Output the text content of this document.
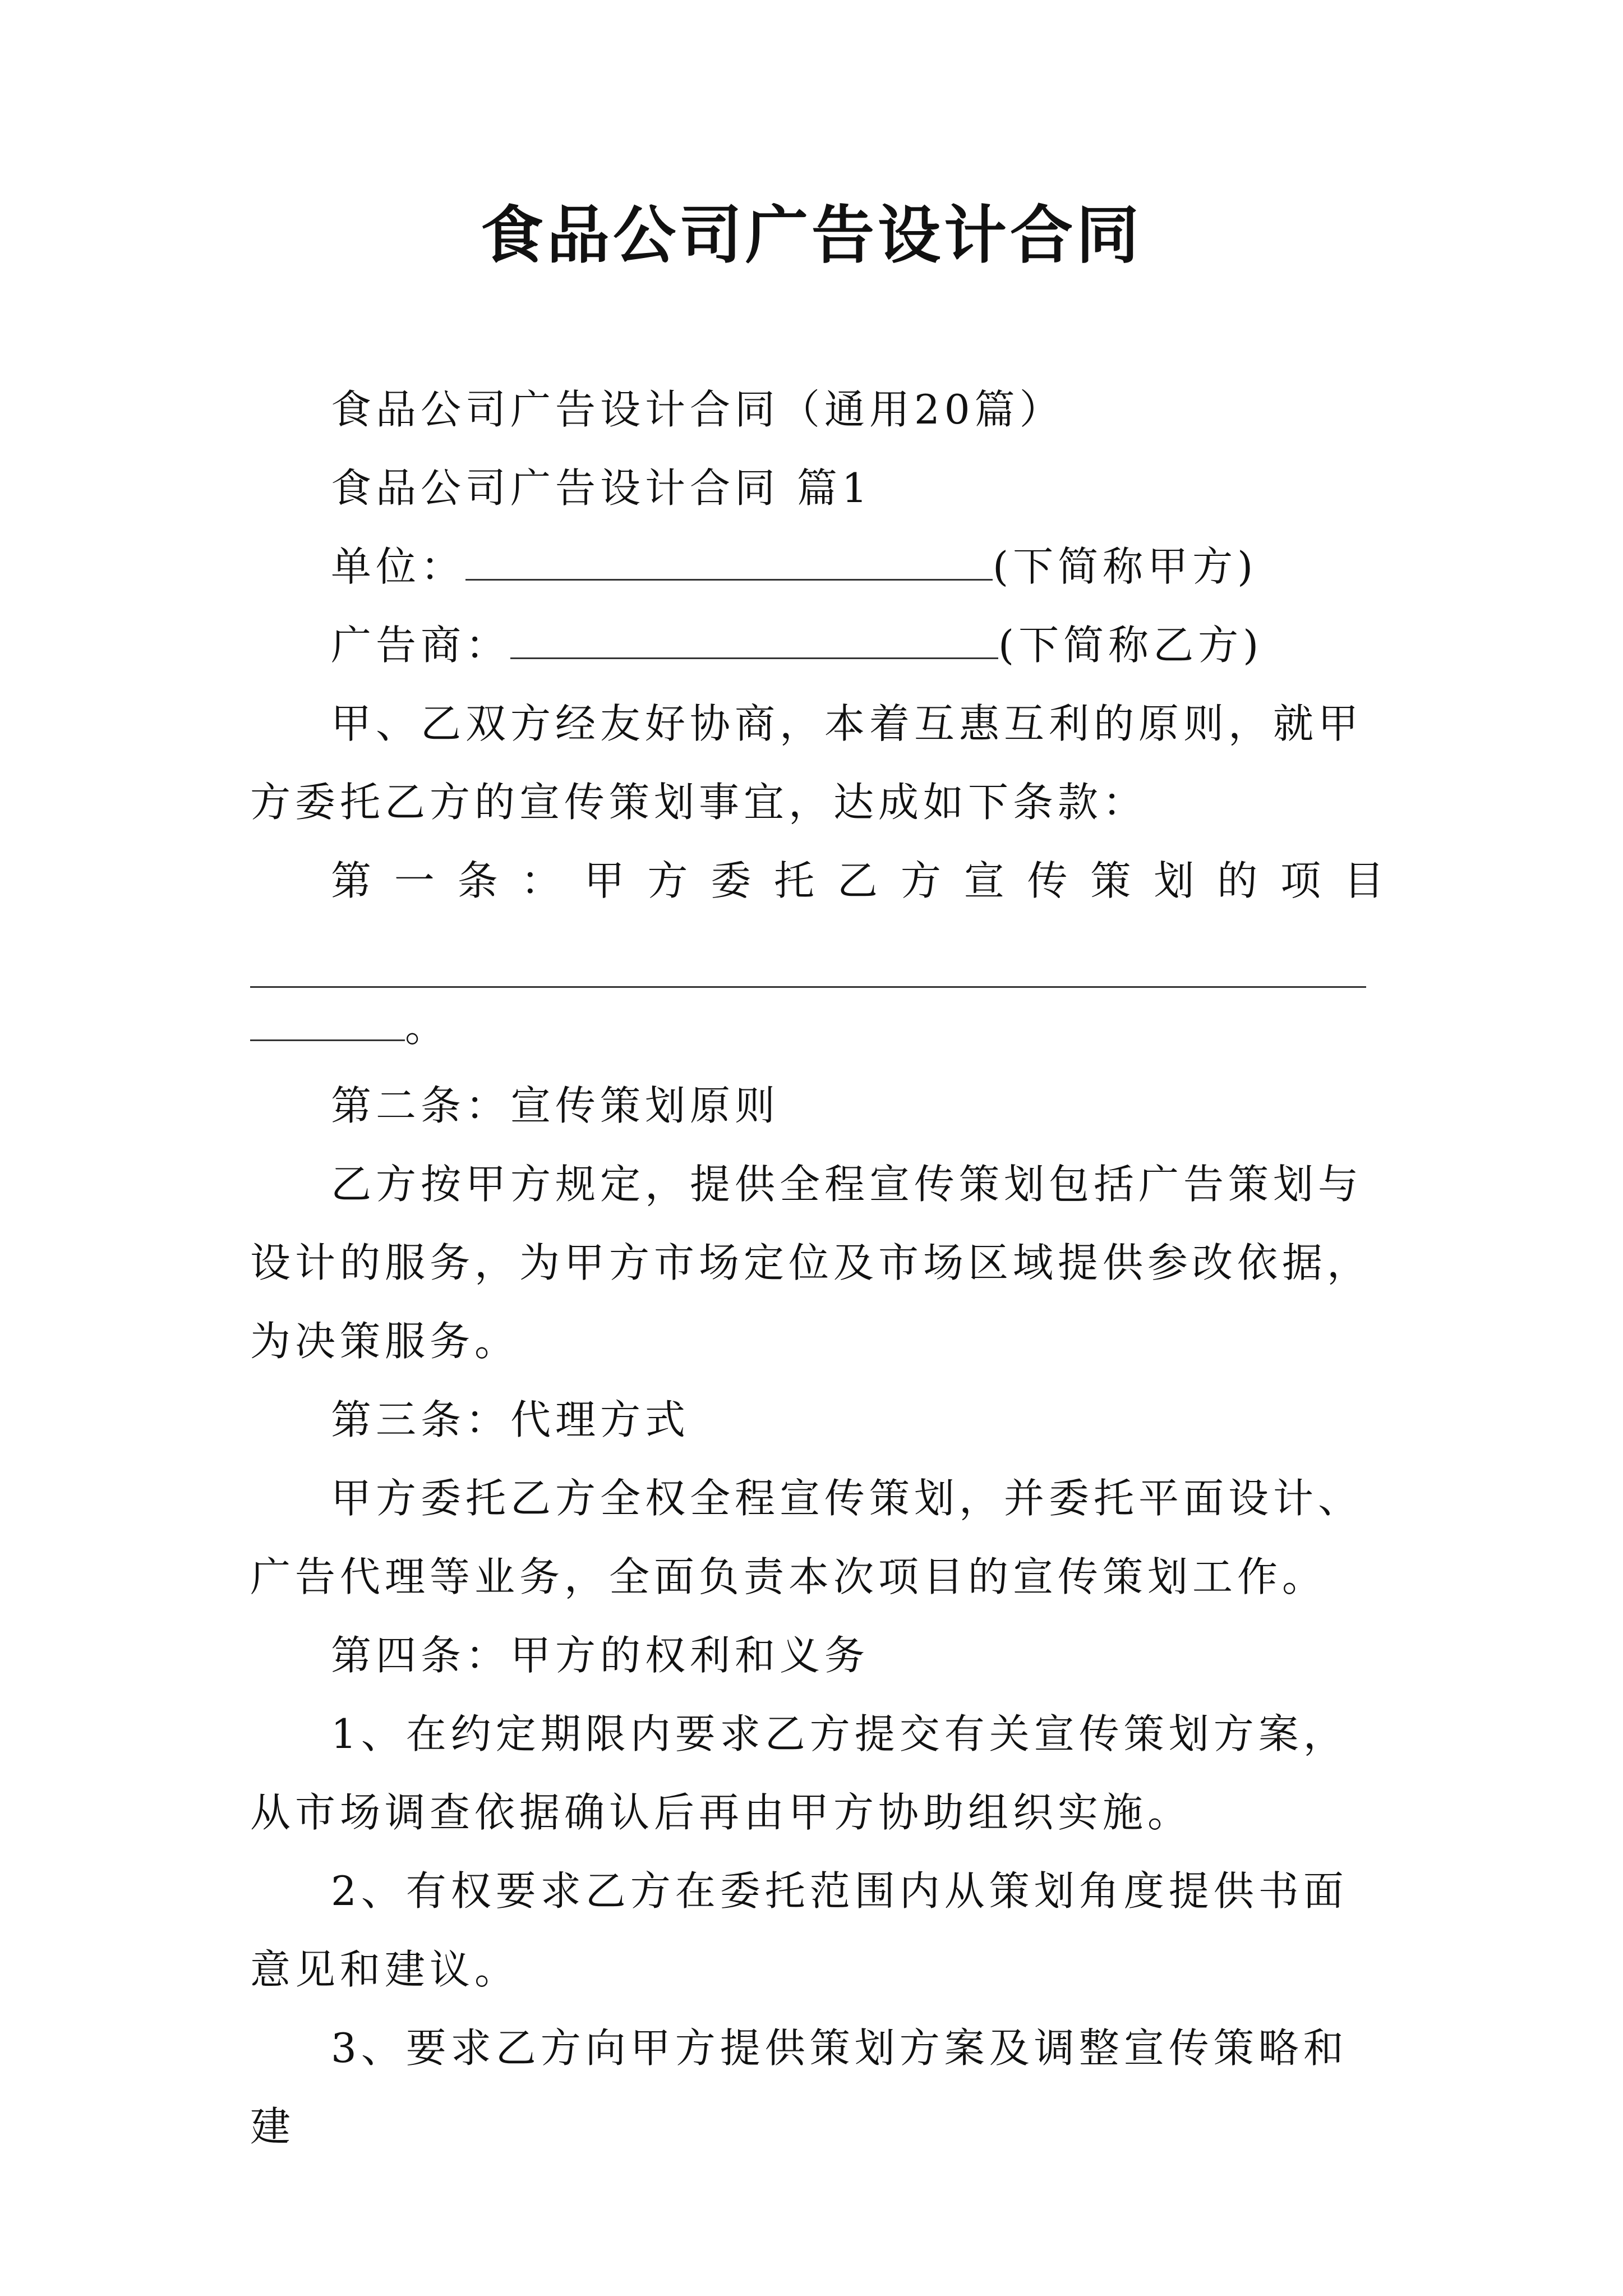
食品公司广告设计合同

食品公司广告设计合同（通用20篇）

食品公司广告设计合同 篇1

单位：	(下简称甲方)

广告商：	(下简称乙方)

甲、乙双方经友好协商，本着互惠互利的原则，就甲方委托乙方的宣传策划事宜，达成如下条款：

第一条：甲方委托乙方宣传策划的项目

。

第二条：宣传策划原则

乙方按甲方规定，提供全程宣传策划包括广告策划与设计的服务，为甲方市场定位及市场区域提供参改依据，为决策服务。

第三条：代理方式

甲方委托乙方全权全程宣传策划，并委托平面设计、广告代理等业务，全面负责本次项目的宣传策划工作。

第四条：甲方的权利和义务

1、在约定期限内要求乙方提交有关宣传策划方案，从市场调查依据确认后再由甲方协助组织实施。

2、有权要求乙方在委托范围内从策划角度提供书面意见和建议。

3、要求乙方向甲方提供策划方案及调整宣传策略和建
